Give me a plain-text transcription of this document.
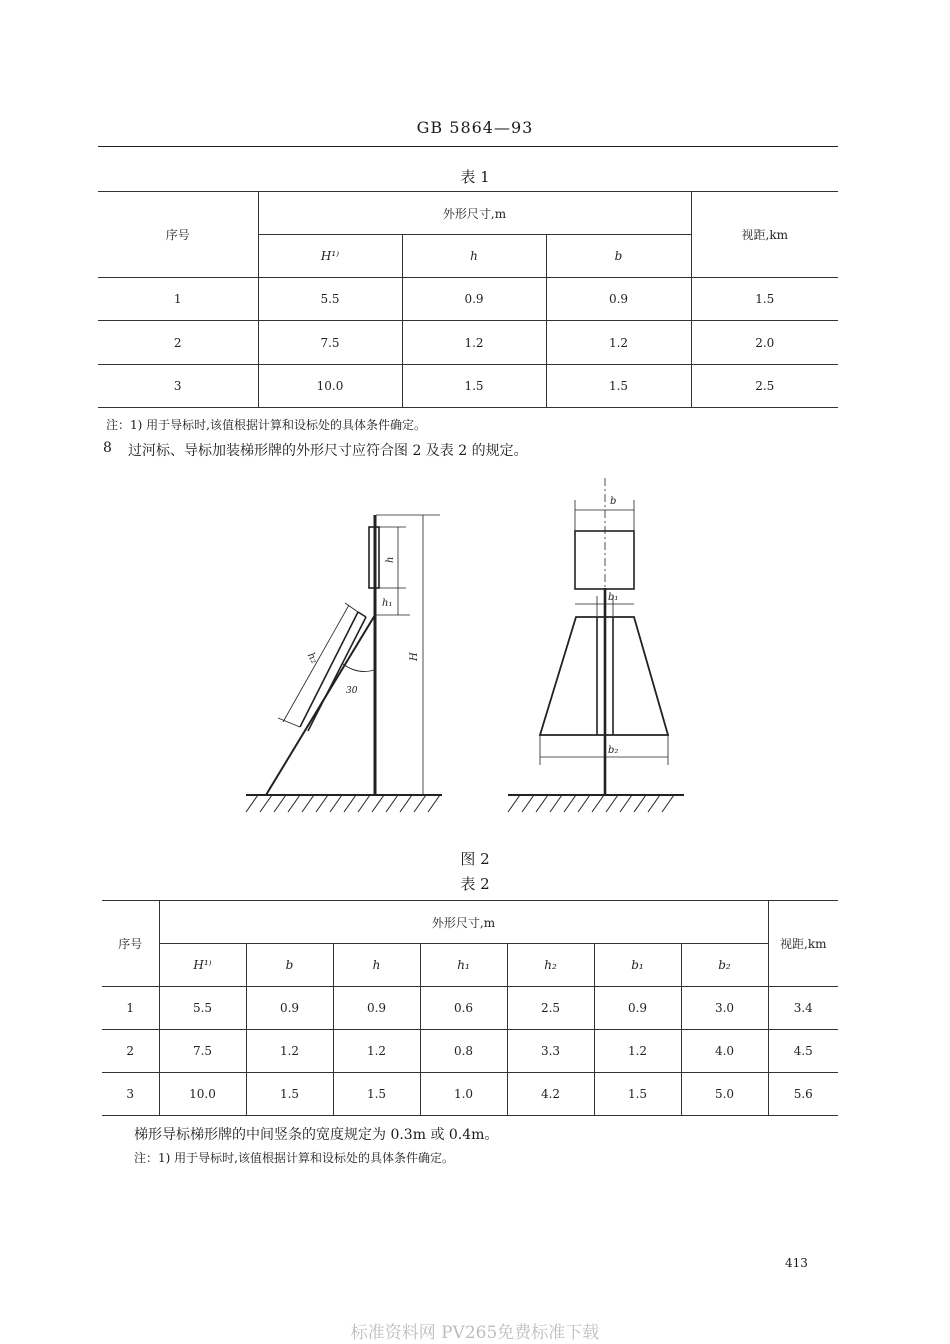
GB 5864—93
表 1
序号	外形尺寸,m			视距,km
	H¹⁾	h	b	
1	5.5	0.9	0.9	1.5
2	7.5	1.2	1.2	2.0
3	10.0	1.5	1.5	2.5
注：1) 用于导标时,该值根据计算和设标处的具体条件确定。
8 过河标、导标加装梯形牌的外形尺寸应符合图 2 及表 2 的规定。
h
h₁
H
h₂
30
b
b₁
b₂
图 2
表 2
序号	外形尺寸,m							视距,km
	H¹⁾	b	h	h₁	h₂	b₁	b₂	
1	5.5	0.9	0.9	0.6	2.5	0.9	3.0	3.4
2	7.5	1.2	1.2	0.8	3.3	1.2	4.0	4.5
3	10.0	1.5	1.5	1.0	4.2	1.5	5.0	5.6
梯形导标梯形牌的中间竖条的宽度规定为 0.3m 或 0.4m。
注：1) 用于导标时,该值根据计算和设标处的具体条件确定。
413
标准资料网 PV265免费标准下载
